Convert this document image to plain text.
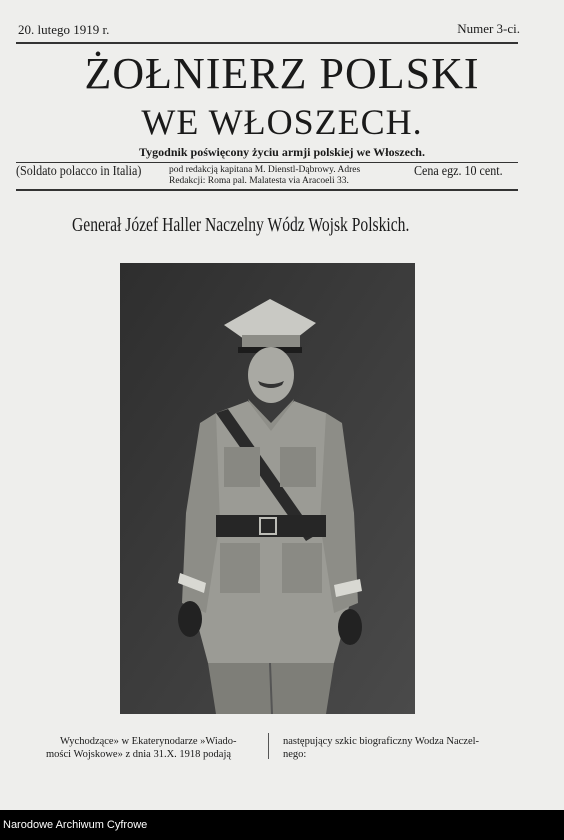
20. lutego 1919 r.	Numer 3-ci.
ŻOŁNIERZ POLSKI
WE WŁOSZECH.
Tygodnik poświęcony życiu armji polskiej we Włoszech.
(Soldato polacco in Italia)	pod redakcją kapitana M. Dienstl-Dąbrowy. Adres
Redakcji: Roma pal. Malatesta via Aracoeli 33.
Cena egz. 10 cent.
Generał Józef Haller Naczelny Wódz Wojsk Polskich.
Wychodzące» w Ekaterynodarze »Wiado-
mości Wojskowe» z dnia 31.X. 1918 podają
następujący szkic biograficzny Wodza Naczel-
nego:
Narodowe Archiwum Cyfrowe
